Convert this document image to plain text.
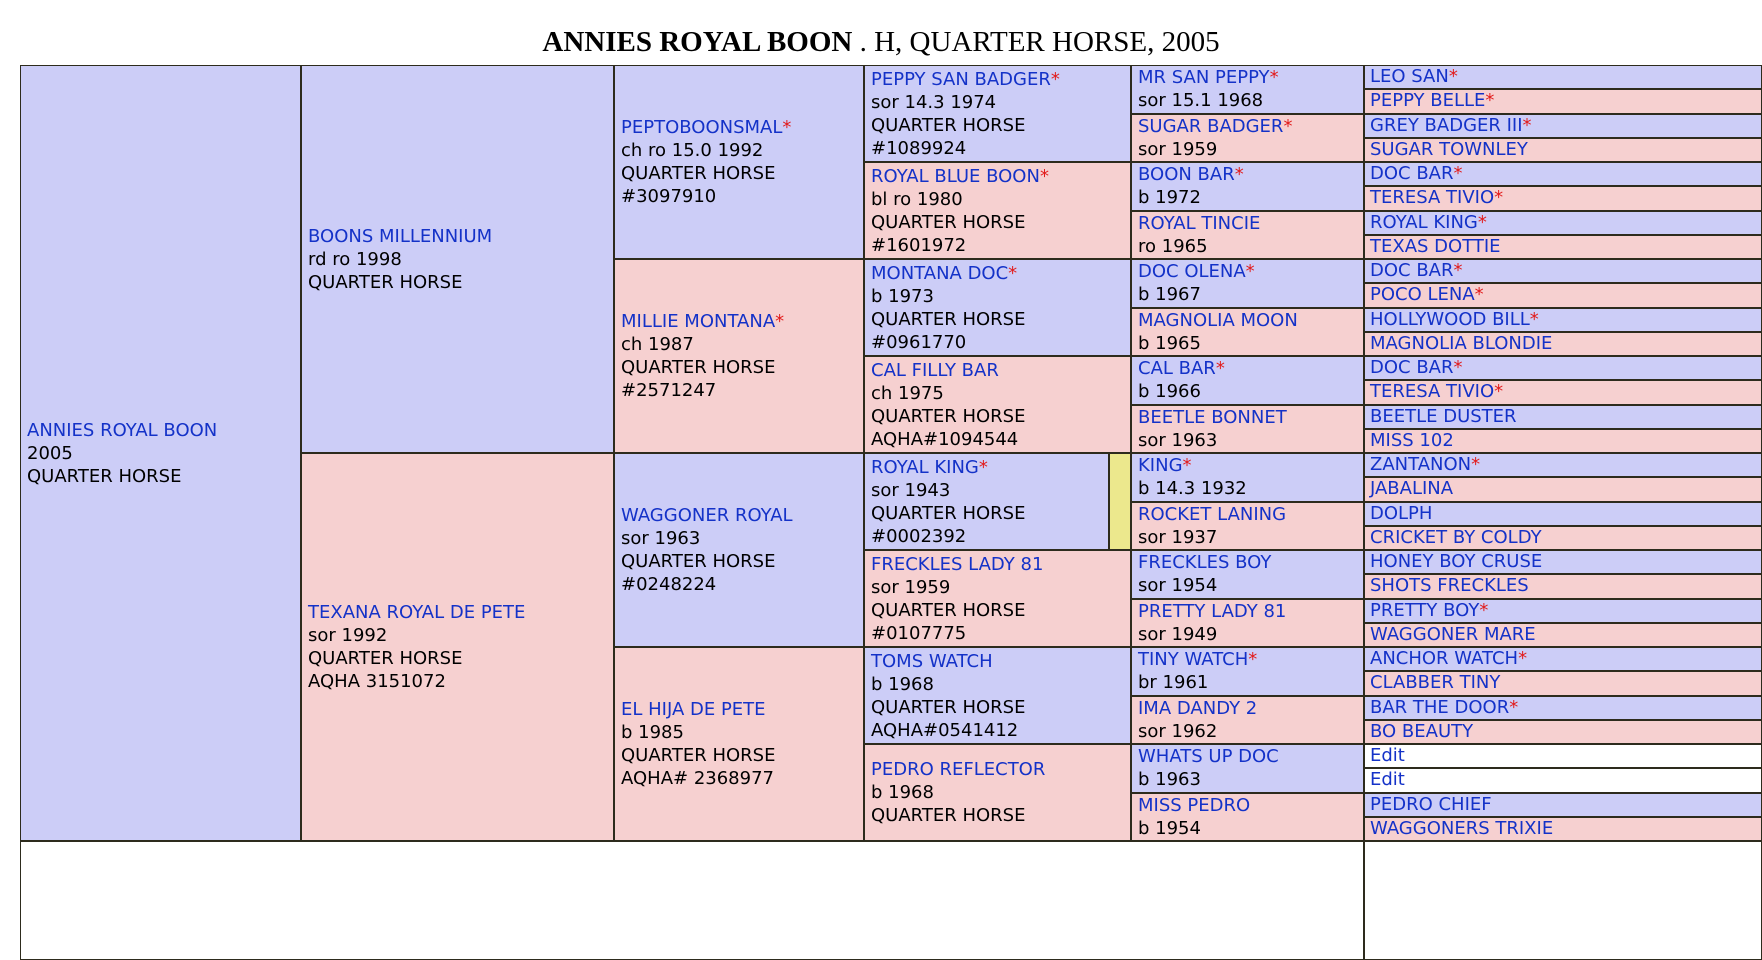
ANNIES ROYAL BOON . H, QUARTER HORSE, 2005
ANNIES ROYAL BOON
2005
QUARTER HORSE
BOONS MILLENNIUM
rd ro 1998
QUARTER HORSE
TEXANA ROYAL DE PETE
sor 1992
QUARTER HORSE
AQHA 3151072
PEPTOBOONSMAL*
ch ro 15.0 1992
QUARTER HORSE
#3097910
MILLIE MONTANA*
ch 1987
QUARTER HORSE
#2571247
WAGGONER ROYAL
sor 1963
QUARTER HORSE
#0248224
EL HIJA DE PETE
b 1985
QUARTER HORSE
AQHA# 2368977
PEPPY SAN BADGER*
sor 14.3 1974
QUARTER HORSE
#1089924
ROYAL BLUE BOON*
bl ro 1980
QUARTER HORSE
#1601972
MONTANA DOC*
b 1973
QUARTER HORSE
#0961770
CAL FILLY BAR
ch 1975
QUARTER HORSE
AQHA#1094544
ROYAL KING*
sor 1943
QUARTER HORSE
#0002392
FRECKLES LADY 81
sor 1959
QUARTER HORSE
#0107775
TOMS WATCH
b 1968
QUARTER HORSE
AQHA#0541412
PEDRO REFLECTOR
b 1968
QUARTER HORSE
MR SAN PEPPY*
sor 15.1 1968
SUGAR BADGER*
sor 1959
BOON BAR*
b 1972
ROYAL TINCIE
ro 1965
DOC OLENA*
b 1967
MAGNOLIA MOON
b 1965
CAL BAR*
b 1966
BEETLE BONNET
sor 1963
KING*
b 14.3 1932
ROCKET LANING
sor 1937
FRECKLES BOY
sor 1954
PRETTY LADY 81
sor 1949
TINY WATCH*
br 1961
IMA DANDY 2
sor 1962
WHATS UP DOC
b 1963
MISS PEDRO
b 1954
LEO SAN*
PEPPY BELLE*
GREY BADGER III*
SUGAR TOWNLEY
DOC BAR*
TERESA TIVIO*
ROYAL KING*
TEXAS DOTTIE
DOC BAR*
POCO LENA*
HOLLYWOOD BILL*
MAGNOLIA BLONDIE
DOC BAR*
TERESA TIVIO*
BEETLE DUSTER
MISS 102
ZANTANON*
JABALINA
DOLPH
CRICKET BY COLDY
HONEY BOY CRUSE
SHOTS FRECKLES
PRETTY BOY*
WAGGONER MARE
ANCHOR WATCH*
CLABBER TINY
BAR THE DOOR*
BO BEAUTY
Edit
Edit
PEDRO CHIEF
WAGGONERS TRIXIE
